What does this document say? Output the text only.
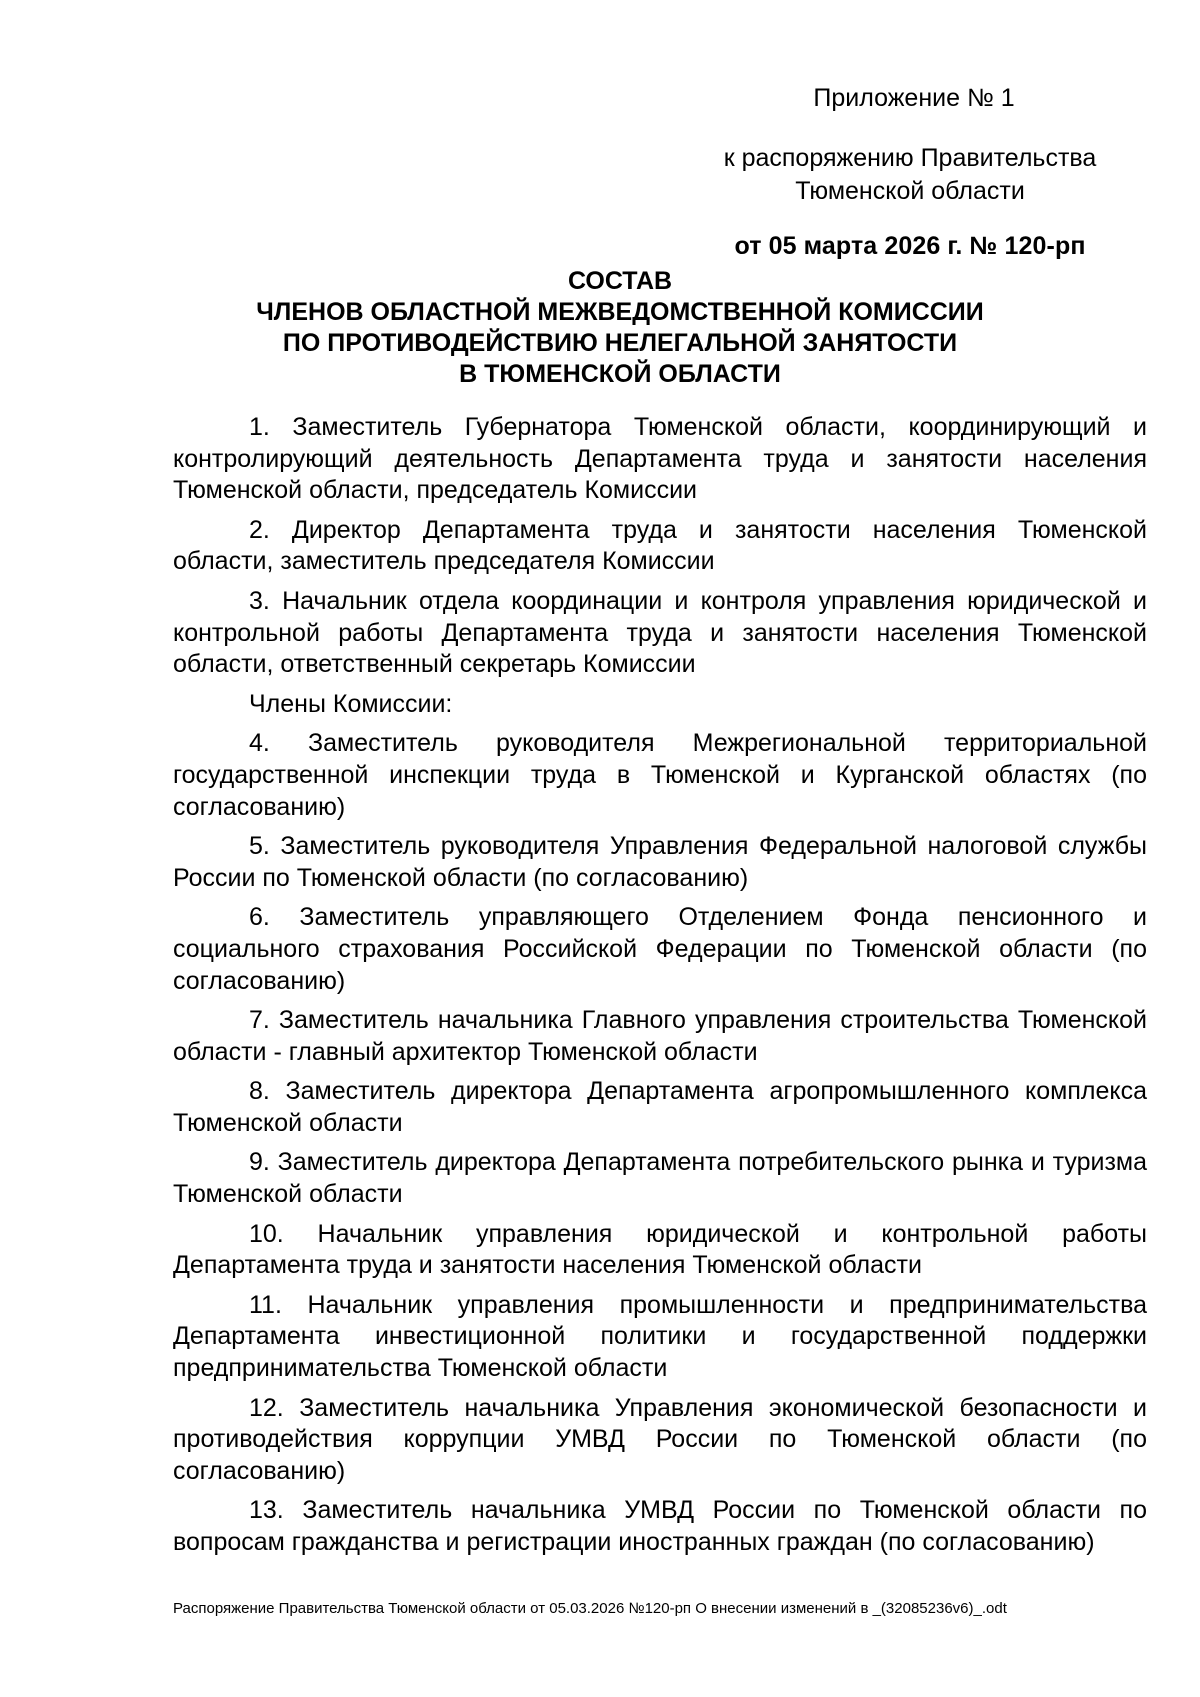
Приложение № 1
к распоряжению Правительства
Тюменской области
от 05 марта 2026 г. № 120-рп
СОСТАВ
ЧЛЕНОВ ОБЛАСТНОЙ МЕЖВЕДОМСТВЕННОЙ КОМИССИИ
ПО ПРОТИВОДЕЙСТВИЮ НЕЛЕГАЛЬНОЙ ЗАНЯТОСТИ
В ТЮМЕНСКОЙ ОБЛАСТИ

1. Заместитель Губернатора Тюменской области, координирующий и контролирующий деятельность Департамента труда и занятости населения Тюменской области, председатель Комиссии

2. Директор Департамента труда и занятости населения Тюменской области, заместитель председателя Комиссии

3. Начальник отдела координации и контроля управления юридической и контрольной работы Департамента труда и занятости населения Тюменской области, ответственный секретарь Комиссии

Члены Комиссии:

4. Заместитель руководителя Межрегиональной территориальной государственной инспекции труда в Тюменской и Курганской областях (по согласованию)

5. Заместитель руководителя Управления Федеральной налоговой службы России по Тюменской области (по согласованию)

6. Заместитель управляющего Отделением Фонда пенсионного и социального страхования Российской Федерации по Тюменской области (по согласованию)

7. Заместитель начальника Главного управления строительства Тюменской области - главный архитектор Тюменской области

8. Заместитель директора Департамента агропромышленного комплекса Тюменской области

9. Заместитель директора Департамента потребительского рынка и туризма Тюменской области

10. Начальник управления юридической и контрольной работы Департамента труда и занятости населения Тюменской области

11. Начальник управления промышленности и предпринимательства Департамента инвестиционной политики и государственной поддержки предпринимательства Тюменской области

12. Заместитель начальника Управления экономической безопасности и противодействия коррупции УМВД России по Тюменской области (по согласованию)

13. Заместитель начальника УМВД России по Тюменской области по вопросам гражданства и регистрации иностранных граждан (по согласованию)

Распоряжение Правительства Тюменской области от 05.03.2026 №120-рп О внесении изменений в _(32085236v6)_.odt
